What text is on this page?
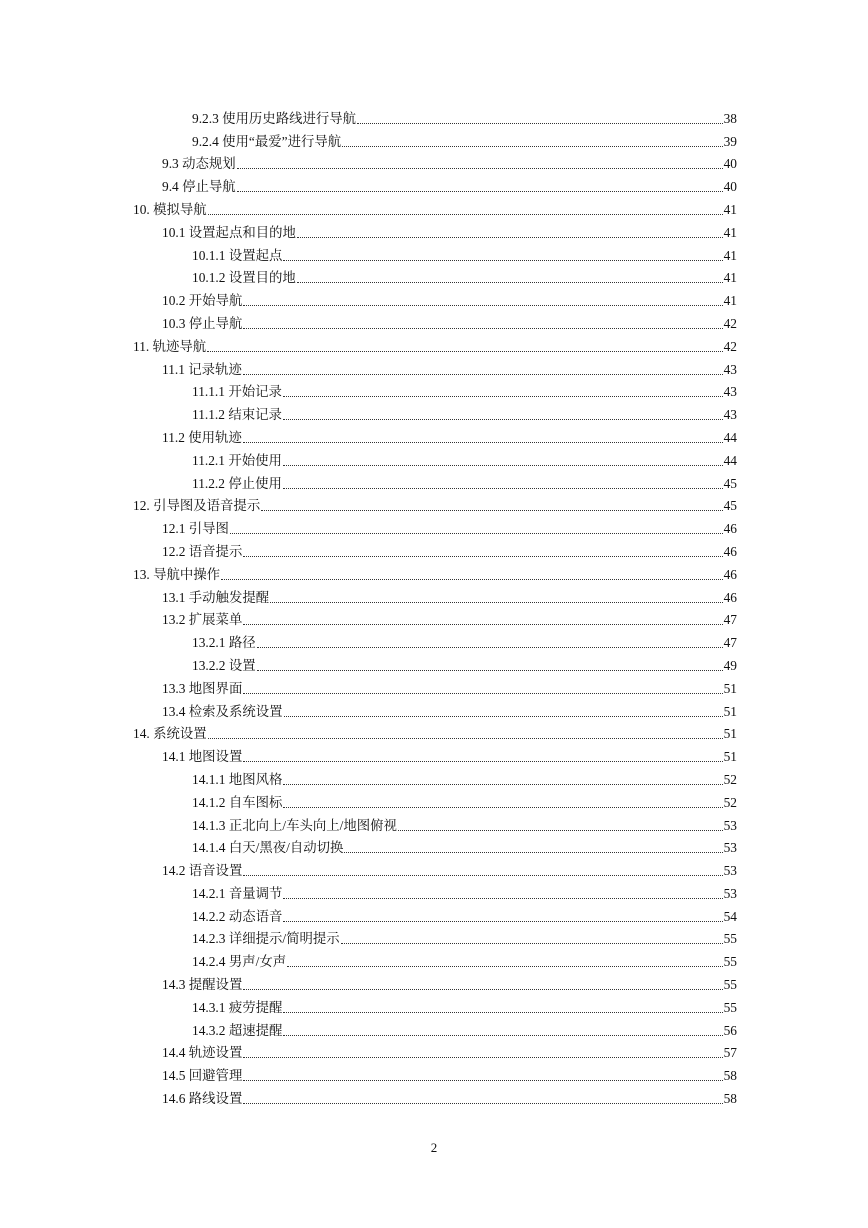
9.2.3 使用历史路线进行导航	38
9.2.4 使用“最爱”进行导航	39
9.3 动态规划	40
9.4 停止导航	40
10. 模拟导航	41
10.1 设置起点和目的地	41
10.1.1 设置起点	41
10.1.2 设置目的地	41
10.2 开始导航	41
10.3 停止导航	42
11. 轨迹导航	42
11.1 记录轨迹	43
11.1.1 开始记录	43
11.1.2 结束记录	43
11.2 使用轨迹	44
11.2.1 开始使用	44
11.2.2 停止使用	45
12. 引导图及语音提示	45
12.1 引导图	46
12.2 语音提示	46
13. 导航中操作	46
13.1 手动触发提醒	46
13.2 扩展菜单	47
13.2.1 路径	47
13.2.2 设置	49
13.3 地图界面	51
13.4 检索及系统设置	51
14. 系统设置	51
14.1 地图设置	51
14.1.1 地图风格	52
14.1.2 自车图标	52
14.1.3 正北向上/车头向上/地图俯视	53
14.1.4 白天/黑夜/自动切换	53
14.2 语音设置	53
14.2.1 音量调节	53
14.2.2 动态语音	54
14.2.3 详细提示/简明提示	55
14.2.4 男声/女声	55
14.3 提醒设置	55
14.3.1 疲劳提醒	55
14.3.2 超速提醒	56
14.4 轨迹设置	57
14.5 回避管理	58
14.6 路线设置	58
2
